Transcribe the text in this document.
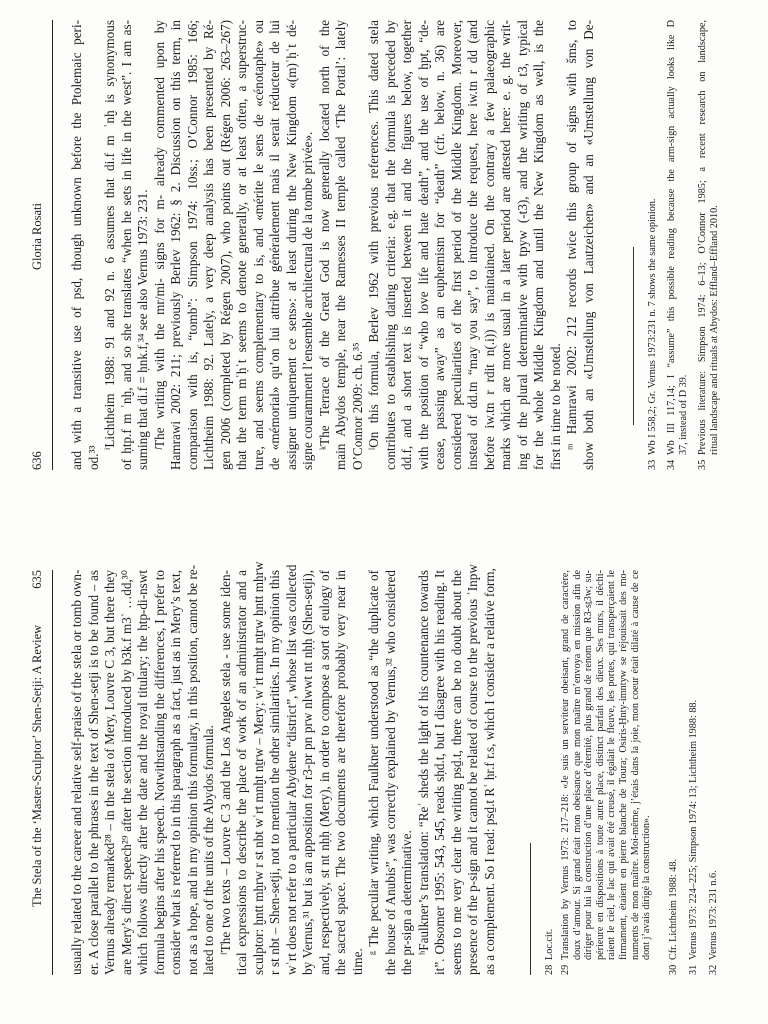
The Stela of the ‘Master-Sculptor’ Shen-Setji: A Review
635 usually related to the career and relative self-praise of the stela or tomb own- er. A close parallel to the phrases in the text of Shen-setji is to be found – as Vernus already remarked²⁸ – in the stela of Mery, Louvre C 3, but there they are Mery’s direct speech²⁹ after the section introduced by b3k.f m3ʿ …dd,³⁰ which follows directly after the date and the royal titulary; the ḥtp-di-nswt formula begins after his speech. Notwithstanding the differences, I prefer to consider what is referred to in this paragraph as a fact, just as in Mery’s text, not as a hope, and in my opinion this formulary, in this position, cannot be re- lated to one of the units of the Abydos formula. ᶠThe two texts – Louvre C 3 and the Los Angeles stela - use some iden- tical expressions to describe the place of work of an administrator and a sculptor: ḫntt mḫrw r st nbt wʿrt mnḫt nṯrw – Mery; wʿrt mnḫt nṯrw ḫntt mḫrw r st nbt – Shen-setji, not to mention the other similarities. In my opinion this wʿrt does not refer to a particular Abydene “district”, whose list was collected by Vernus,³¹ but is an apposition for r3-pr pn prw nlwwt nt nḥḥ (Shen-setji), and, respectively, st nt nḥḥ (Mery), in order to compose a sort of eulogy of the sacred space. The two documents are therefore probably very near in time.
ᵍ The peculiar writing, which Faulkner understood as “the duplicate of the house of Anubis”, was correctly explained by Vernus,³² who considered the pr-sign a determinative. ʰFaulkner’s translation: “Reʿ sheds the light of his countenance towards it”. Obsomer 1995: 543, 545, reads sḥd.t, but I disagree with his reading. It seems to me very clear the writing psḏ.t, there can be no doubt about the presence of the p-sign and it cannot be related of course to the previous ʿInpw as a complement. So I read: psḏ.t Rʿ ḥr.f r.s, which I consider a relative form,	28
Loc.cit.
29
Translation by Vernus 1973: 217–218: «Je suis un serviteur obeisant, grand de caractère, doux d’amour. Si grand était mon obeisance que mon maître m’envoya en mission afin de diriger pour lui la construction d’une place d’éternité, plus grand de renom que R3-sṯ3w; su- périeure en dispositions à toute autre place, distinct parfait des dieux. Ses murs, il déchi- raient le ciel, le lac qui avait été creusé, il égalait le fleuve, les portes, qui transperçaient le firmament, étaient en pierre blanche de Toura; Osiris-Ḫnty-imntyw se réjouissait des mo- numents de mon maître. Moi-même, j’étais dans la joie, mon coeur était dilaté à cause de ce dont j’avais dirigé la construction».
30
Cfr. Lichtheim 1988: 48.
31
Vernus 1973: 224–225; Simpson 1974: 13; Lichtheim 1988: 88.
32
Vernus 1973: 231 n.6.
636
Gloria Rosati and with a transitive use of psd, though unknown before the Ptolemaic peri- od.³³
ⁱLichtheim 1988: 91 and 92 n. 6 assumes that di.f m ʿnḫ is synonymous of ḥtp.f m ʿnḫ, and so she translates “when he sets in life in the west”. I am as- suming that di.f = ḥnk.f,³⁴ see also Vernus 1973: 231. ʲThe writing with the mr/mi- signs for m- already commented upon by Hamrawi 2002: 211; previously Berlev 1962: § 2. Discussion on this term, in comparison with is, “tomb”: Simpson 1974: 10ss.; O’Connor 1985: 166; Lichtheim 1988: 92. Lately, a very deep analysis has been presented by Ré- gen 2006 (completed by Régen 2007), who points out (Régen 2006: 263–267) that the term mʿḥʿt seems to denote generally, or at least often, a superstruc- ture, and seems complementary to is, and «mérite le sens de «cénotaphe» ou de «mémorial» qu’on lui attribue généralement mais il serait réducteur de lui assigner uniquement ce sens»: at least during the New Kingdom «(m)ʿḥʿt dé- signe couramment l’ensemble architectural de la tombe privée». ᵏThe Terrace of the Great God is now generally located north of the main Abydos temple, near the Ramesses II temple called ‘The Portal’: lately O’Connor 2009: ch. 6.³⁵ ˡOn this formula, Berlev 1962 with previous references. This dated stela contributes to establishing dating criteria: e.g. that the formula is preceded by dd.f, and a short text is inserted between it and the figures below, together with the position of “who love life and hate death”, and the use of ḫpt, “de- cease, passing away” as an euphemism for “death” (cfr. below, n. 36) are considered peculiarities of the first period of the Middle Kingdom. Moreover, instead of dd.tn “may you say”, to introduce the request, here iw.tn r dd (and before iw.tn r rdit n(.i)) is maintained. On the contrary a few palaeographic marks which are more usual in a later period are attested here: e. g. the writ- ing of the plural determinative with tpyw (-t3), and the writing of t3, typical for the whole Middle Kingdom and until the New Kingdom as well, is the first in time to be noted. ᵐ Hamrawi 2002: 212 records twice this group of signs with šms, to show both an «Umstellung von Lautzeichen» and an «Umstellung von De-	33
Wb I 558,2; Gr. Vernus 1973:231 n. 7 shows the same opinion.
34
Wb III 117,14; I “assume” this possible reading because the arm-sign actually looks like D 37, instead of D 39.
35
Previous literature: Simpson 1974: 6–13; O’Connor 1985; a recent research on landscape, ritual landscape and rituals at Abydos: Effland–Effland 2010.
